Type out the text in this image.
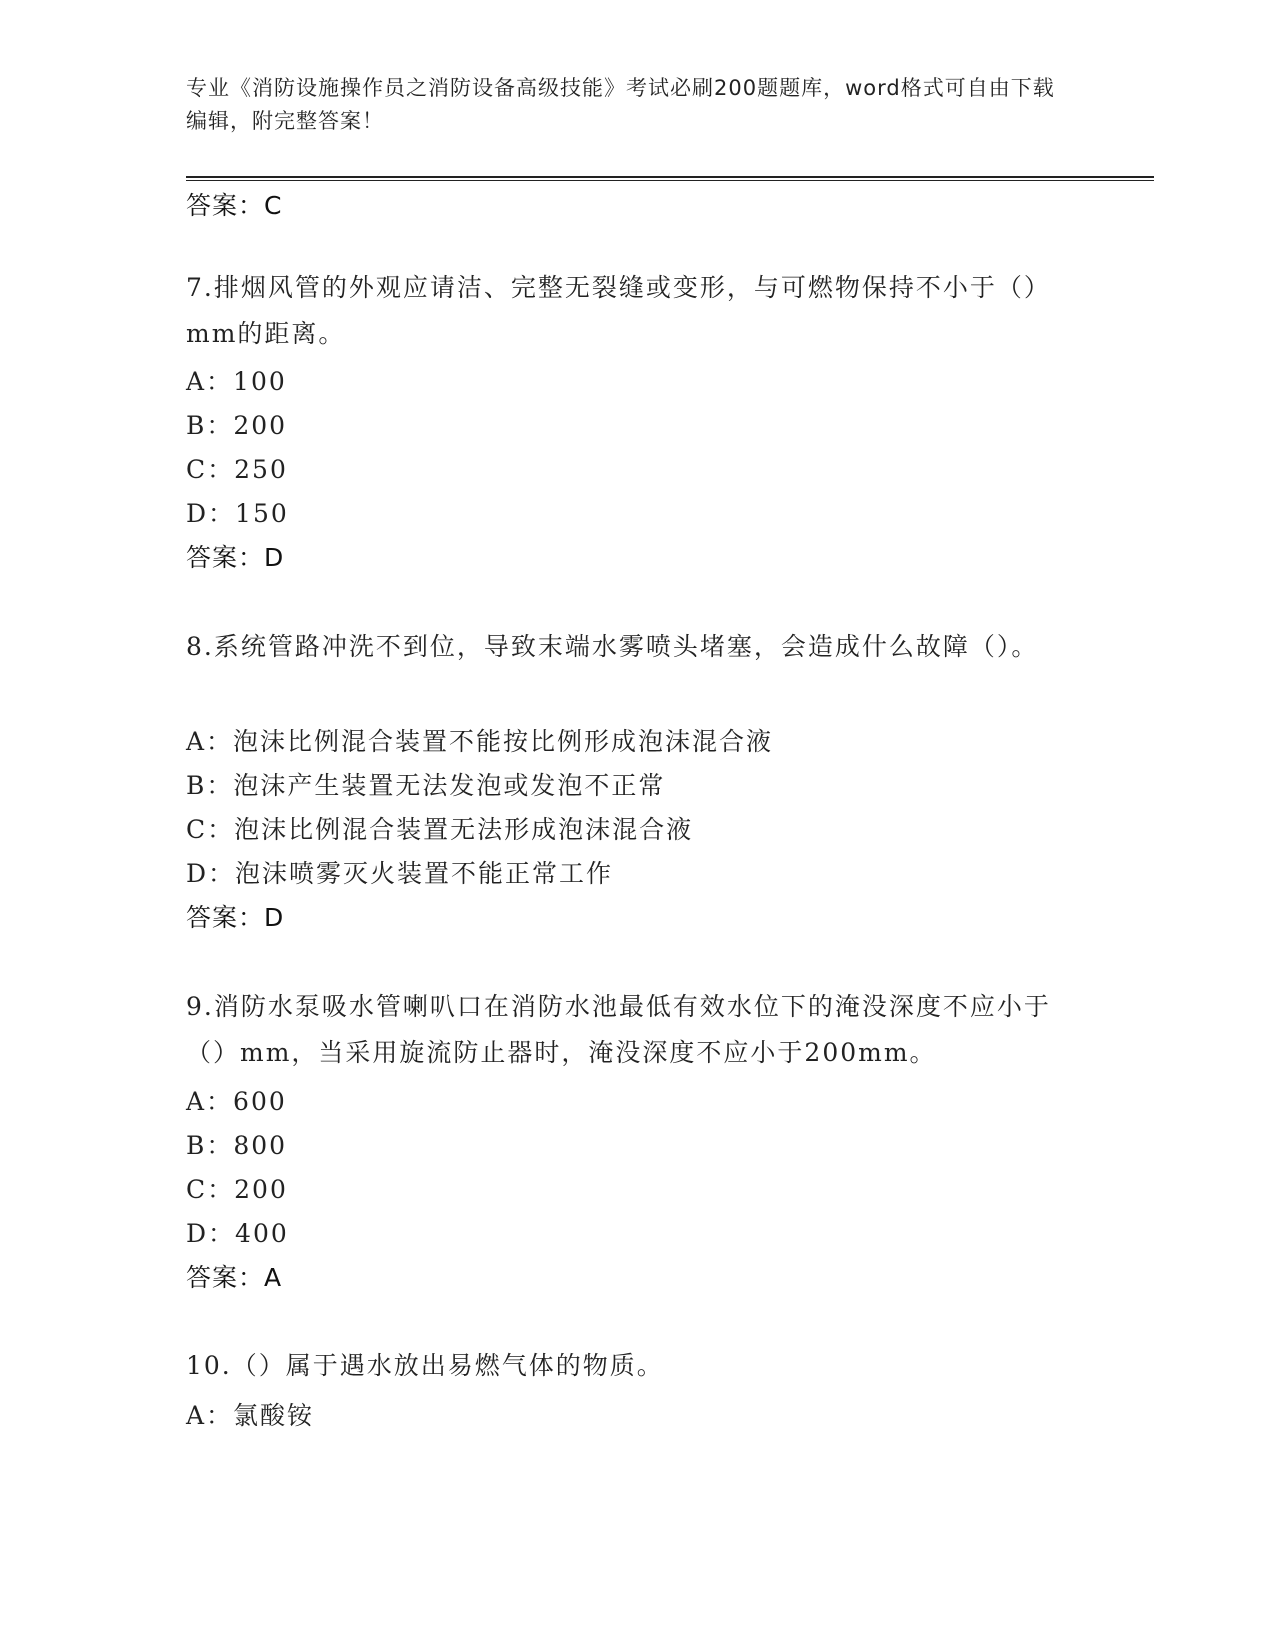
专业《消防设施操作员之消防设备高级技能》考试必刷200题题库，word格式可自由下载编辑，附完整答案！
答案：C
7.排烟风管的外观应请洁、完整无裂缝或变形，与可燃物保持不小于（）mm的距离。
A：100
B：200
C：250
D：150
答案：D
8.系统管路冲洗不到位，导致末端水雾喷头堵塞，会造成什么故障（）。
A：泡沫比例混合装置不能按比例形成泡沫混合液
B：泡沫产生装置无法发泡或发泡不正常
C：泡沫比例混合装置无法形成泡沫混合液
D：泡沫喷雾灭火装置不能正常工作
答案：D
9.消防水泵吸水管喇叭口在消防水池最低有效水位下的淹没深度不应小于（）mm，当采用旋流防止器时，淹没深度不应小于200mm。
A：600
B：800
C：200
D：400
答案：A
10.（）属于遇水放出易燃气体的物质。
A：氯酸铵
